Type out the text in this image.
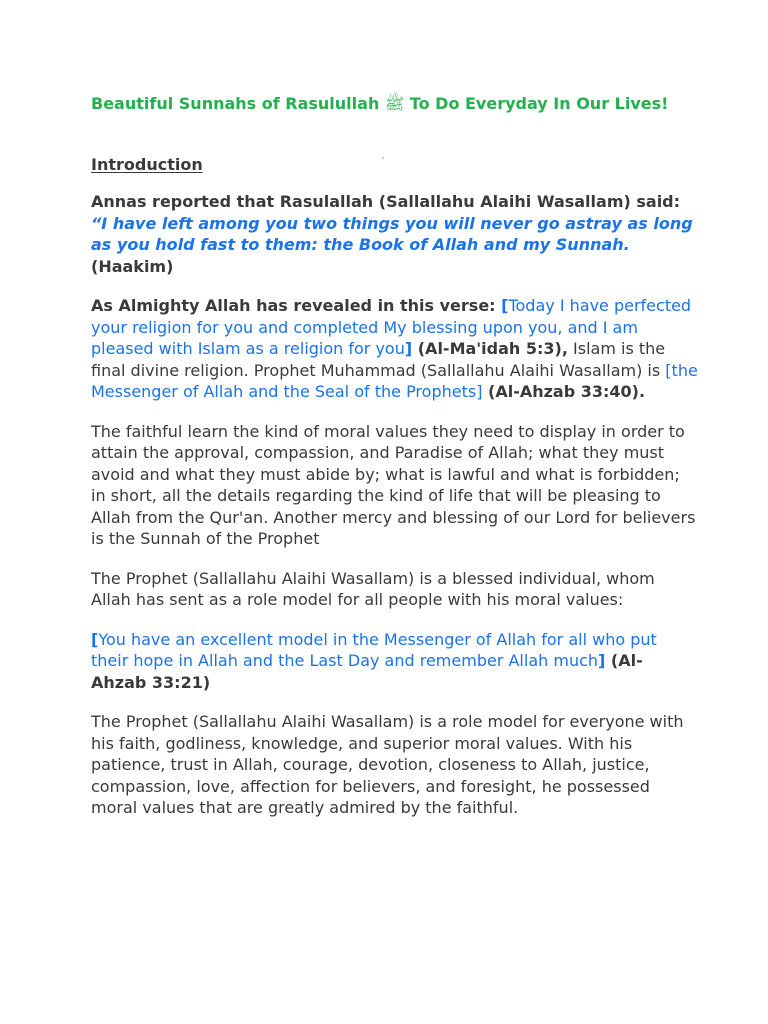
Beautiful Sunnahs of Rasulullah ﷺ To Do Everyday In Our Lives!
Introduction

Annas reported that Rasulallah (Sallallahu Alaihi Wasallam) said: “I have left among you two things you will never go astray as long as you hold fast to them: the Book of Allah and my Sunnah.(Haakim)

As Almighty Allah has revealed in this verse: [Today I have perfected your religion for you and completed My blessing upon you, and I am pleased with Islam as a religion for you] (Al-Ma'idah 5:3), Islam is the final divine religion. Prophet Muhammad (Sallallahu Alaihi Wasallam) is [the Messenger of Allah and the Seal of the Prophets] (Al-Ahzab 33:40).

The faithful learn the kind of moral values they need to display in order to attain the approval, compassion, and Paradise of Allah; what they must avoid and what they must abide by; what is lawful and what is forbidden; in short, all the details regarding the kind of life that will be pleasing to Allah from the Qur'an. Another mercy and blessing of our Lord for believers is the Sunnah of the Prophet

The Prophet (Sallallahu Alaihi Wasallam) is a blessed individual, whom Allah has sent as a role model for all people with his moral values:

[You have an excellent model in the Messenger of Allah for all who put their hope in Allah and the Last Day and remember Allah much] (Al-Ahzab 33:21)

The Prophet (Sallallahu Alaihi Wasallam) is a role model for everyone with his faith, godliness, knowledge, and superior moral values. With his patience, trust in Allah, courage, devotion, closeness to Allah, justice, compassion, love, affection for believers, and foresight, he possessed moral values that are greatly admired by the faithful.
